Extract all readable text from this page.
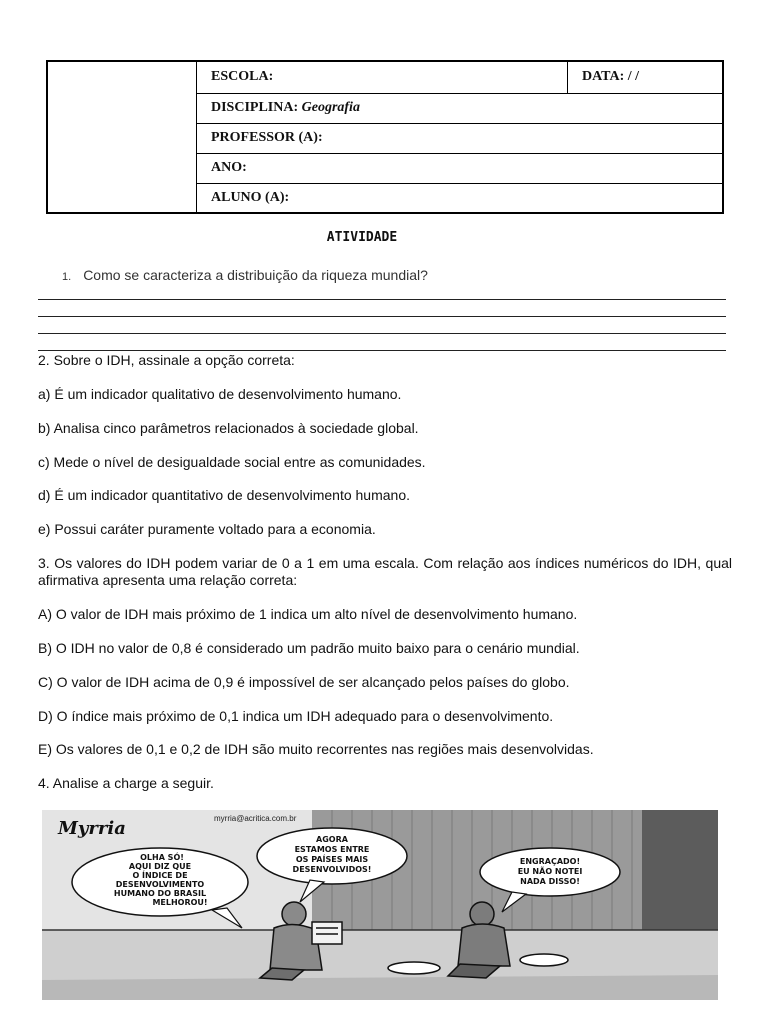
	ESCOLA:	DATA: / /
DISCIPLINA: Geografia
PROFESSOR (A):
ANO:
ALUNO (A):
ATIVIDADE
1. Como se caracteriza a distribuição da riqueza mundial?
2. Sobre o IDH, assinale a opção correta:
a) É um indicador qualitativo de desenvolvimento humano.
b) Analisa cinco parâmetros relacionados à sociedade global.
c) Mede o nível de desigualdade social entre as comunidades.
d) É um indicador quantitativo de desenvolvimento humano.
e) Possui caráter puramente voltado para a economia.
3. Os valores do IDH podem variar de 0 a 1 em uma escala. Com relação aos índices numéricos do IDH, qual afirmativa apresenta uma relação correta:
A) O valor de IDH mais próximo de 1 indica um alto nível de desenvolvimento humano.
B) O IDH no valor de 0,8 é considerado um padrão muito baixo para o cenário mundial.
C) O valor de IDH acima de 0,9 é impossível de ser alcançado pelos países do globo.
D) O índice mais próximo de 0,1 indica um IDH adequado para o desenvolvimento.
E) Os valores de 0,1 e 0,2 de IDH são muito recorrentes nas regiões mais desenvolvidas.
4. Analise a charge a seguir.
Myrria	myrria@acritica.com.br
OLHA SÓ!
AQUI DIZ QUE
O ÍNDICE DE
DESENVOLVIMENTO
HUMANO DO BRASIL
MELHOROU!
AGORA
ESTAMOS ENTRE
OS PAÍSES MAIS
DESENVOLVIDOS!
ENGRAÇADO!
EU NÃO NOTEI
NADA DISSO!
